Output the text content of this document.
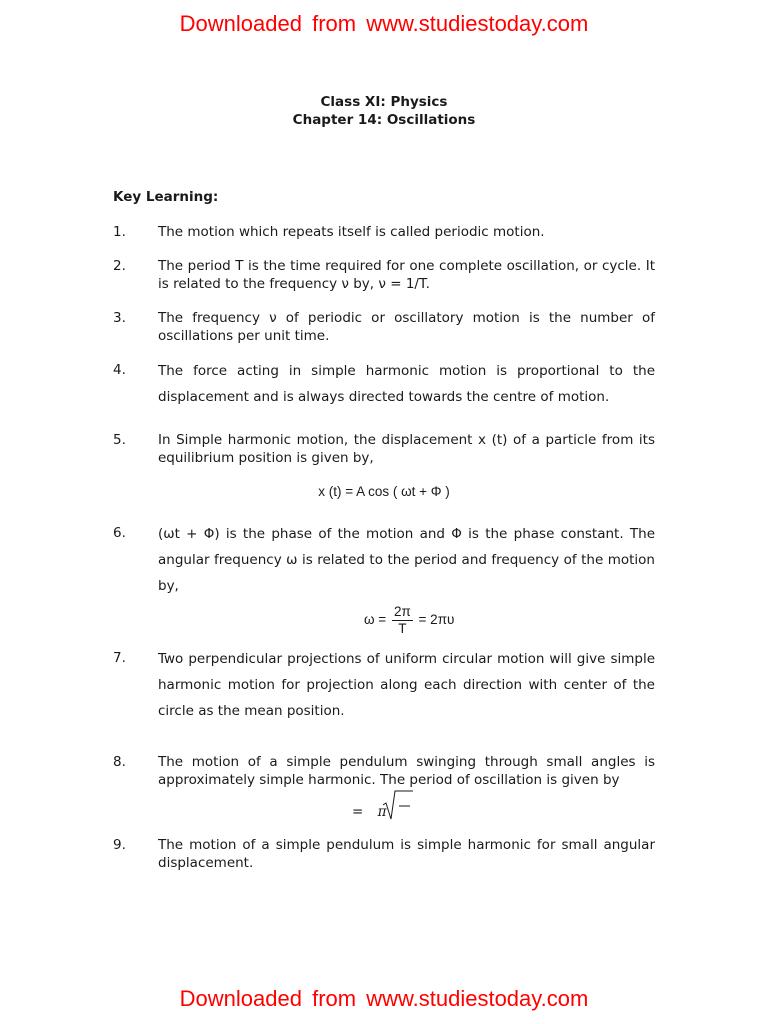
Downloaded from www.studiestoday.com
Class XI: Physics
Chapter 14: Oscillations
Key Learning:
1. The motion which repeats itself is called periodic motion.
2. The period T is the time required for one complete oscillation, or cycle. It is related to the frequency ν by, ν = 1/T.
3. The frequency ν of periodic or oscillatory motion is the number of oscillations per unit time.
4. The force acting in simple harmonic motion is proportional to the displacement and is always directed towards the centre of motion.
5. In Simple harmonic motion, the displacement x (t) of a particle from its equilibrium position is given by,
x (t) = A cos ( ωt + Φ )
6. (ωt + Φ) is the phase of the motion and Φ is the phase constant. The angular frequency ω is related to the period and frequency of the motion by,
$\omega = \frac{2\pi}{T} = 2\pi\upsilon$
7. Two perpendicular projections of uniform circular motion will give simple harmonic motion for projection along each direction with center of the circle as the mean position.
8. The motion of a simple pendulum swinging through small angles is approximately simple harmonic. The period of oscillation is given by
= π
9. The motion of a simple pendulum is simple harmonic for small angular displacement.
Downloaded from www.studiestoday.com
